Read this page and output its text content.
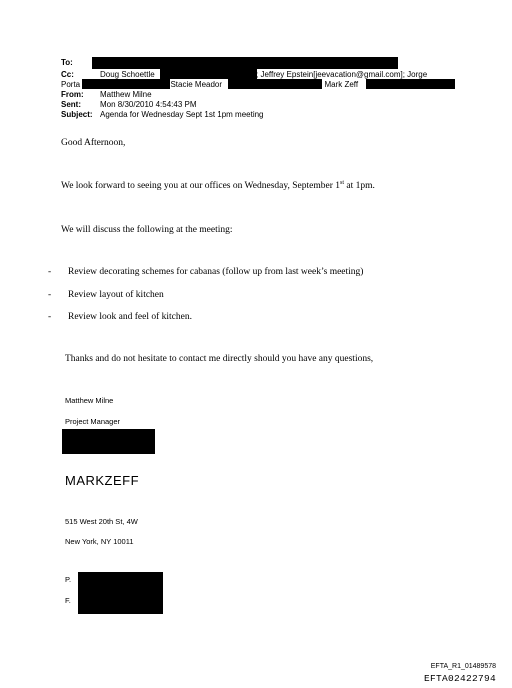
To:
Cc:	Doug Schoettle	; Jeffrey Epstein[jeevacation@gmail.com]; Jorge
Porta	; Stacie Meador	; Mark Zeff
From: Matthew Milne
Sent: Mon 8/30/2010 4:54:43 PM
Subject: Agenda for Wednesday Sept 1st 1pm meeting
Good Afternoon,
We look forward to seeing you at our offices on Wednesday, September 1st at 1pm.
We will discuss the following at the meeting:
- Review decorating schemes for cabanas (follow up from last week’s meeting)
- Review layout of kitchen
- Review look and feel of kitchen.
Thanks and do not hesitate to contact me directly should you have any questions,
Matthew Milne
Project Manager
MARKZEFF
515 West 20th St, 4W
New York, NY 10011
P.
F.
EFTA_R1_01489578
EFTA02422794
